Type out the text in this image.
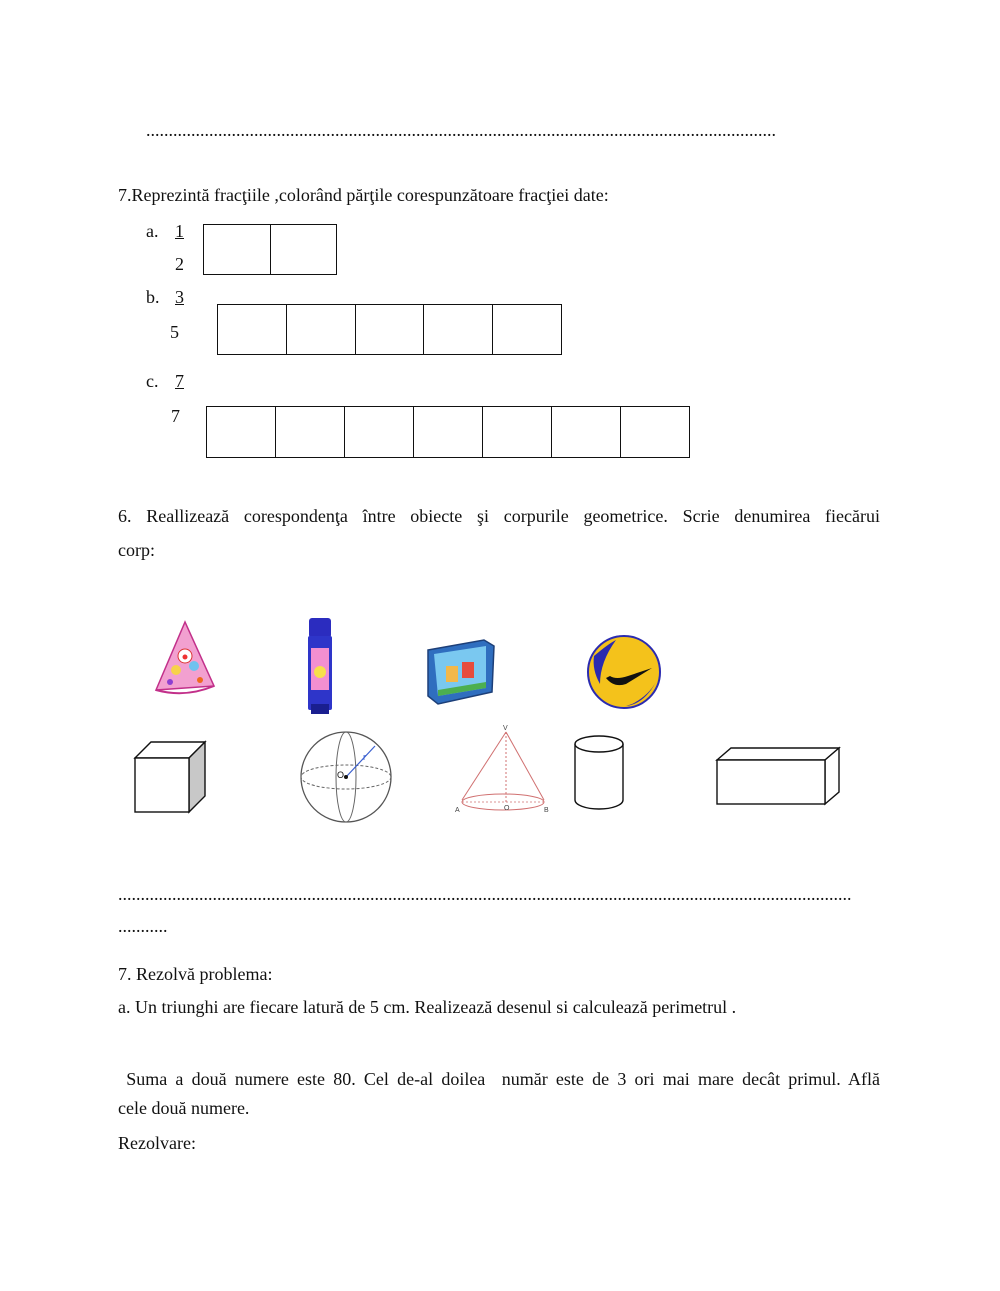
............................................................................................................................................
7.Reprezintă fracţiile ,colorând părţile corespunzătoare fracţiei date:
a. 1
2
b. 3
5
c. 7
7
6. Reallizează corespondenţa între obiecte şi corpurile geometrice. Scrie denumirea fiecărui
corp:
O
r
V
A	O	B
...................................................................................................................................................................
...........
7. Rezolvă problema:
a. Un triunghi are fiecare latură de 5 cm. Realizează desenul si calculează perimetrul .
Suma a două numere este 80. Cel de-al doilea  număr este de 3 ori mai mare decât primul. Află
cele două numere.
Rezolvare:
